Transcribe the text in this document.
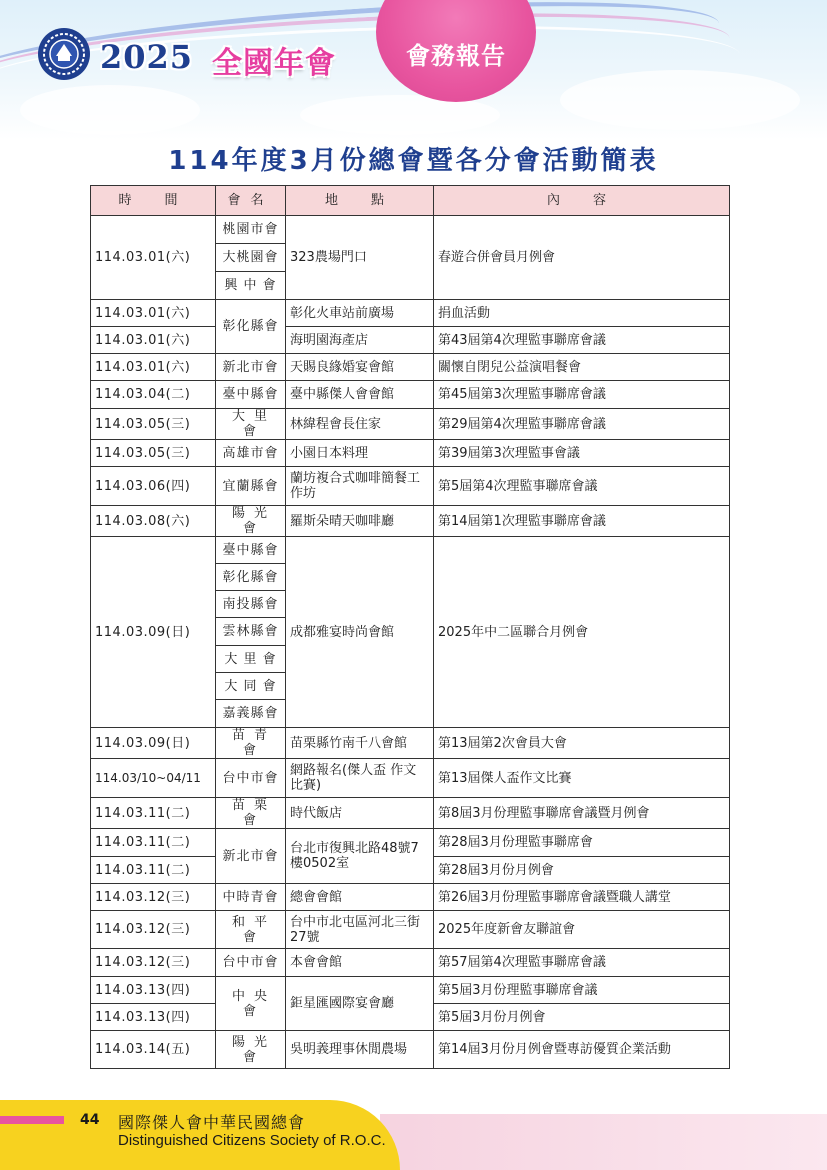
2025 全國年會	會務報告
114年度3月份總會暨各分會活動簡表
時　間	會名	地　點	內　容
114.03.01(六)	桃園市會	323農場門口	春遊合併會員月例會
	大桃園會		
	興 中 會		
114.03.01(六)	彰化縣會	彰化火車站前廣場	捐血活動
114.03.01(六)		海明園海產店	第43屆第4次理監事聯席會議
114.03.01(六)	新北市會	天賜良緣婚宴會館	關懷自閉兒公益演唱餐會
114.03.04(二)	臺中縣會	臺中縣傑人會會館	第45屆第3次理監事聯席會議
114.03.05(三)	大里會	林緯程會長住家	第29屆第4次理監事聯席會議
114.03.05(三)	高雄市會	小園日本料理	第39屆第3次理監事會議
114.03.06(四)	宜蘭縣會	蘭坊複合式咖啡簡餐工作坊	第5屆第4次理監事聯席會議
114.03.08(六)	陽光會	羅斯朵晴天咖啡廳	第14屆第1次理監事聯席會議
114.03.09(日)	臺中縣會	成都雅宴時尚會館	2025年中二區聯合月例會
	彰化縣會		
	南投縣會		
	雲林縣會		
	大 里 會		
	大 同 會		
	嘉義縣會		
114.03.09(日)	苗青會	苗栗縣竹南千八會館	第13屆第2次會員大會
114.03/10~04/11	台中市會	網路報名(傑人盃 作文比賽)	第13屆傑人盃作文比賽
114.03.11(二)	苗栗會	時代飯店	第8屆3月份理監事聯席會議暨月例會
114.03.11(二)	新北市會	台北市復興北路48號7樓0502室	第28屆3月份理監事聯席會
114.03.11(二)			第28屆3月份月例會
114.03.12(三)	中時青會	總會會館	第26屆3月份理監事聯席會議暨職人講堂
114.03.12(三)	和平會	台中市北屯區河北三街27號	2025年度新會友聯誼會
114.03.12(三)	台中市會	本會會館	第57屆第4次理監事聯席會議
114.03.13(四)	中央會	鉅星匯國際宴會廳	第5屆3月份理監事聯席會議
114.03.13(四)			第5屆3月份月例會
114.03.14(五)	陽光會	吳明義理事休閒農場	第14屆3月份月例會暨專訪優質企業活動
44 國際傑人會中華民國總會
Distinguished Citizens Society of R.O.C.
